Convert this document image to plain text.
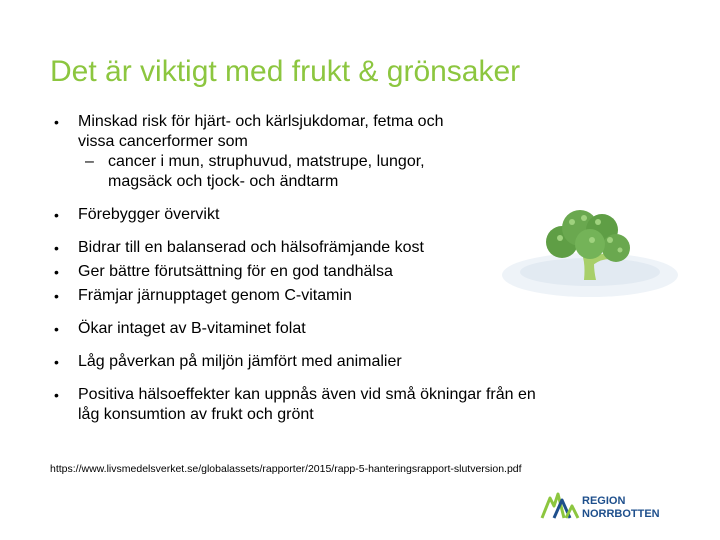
Det är viktigt med frukt & grönsaker
• Minskad risk för hjärt- och kärlsjukdomar, fetma och
vissa cancerformer som
– cancer i mun, struphuvud, matstrupe, lungor,
magsäck och tjock- och ändtarm
• Förebygger övervikt
• Bidrar till en balanserad och hälsofrämjande kost
• Ger bättre förutsättning för en god tandhälsa
• Främjar järnupptaget genom C-vitamin
• Ökar intaget av B-vitaminet folat
• Låg påverkan på miljön jämfört med animalier
• Positiva hälsoeffekter kan uppnås även vid små ökningar från en
låg konsumtion av frukt och grönt
https://www.livsmedelsverket.se/globalassets/rapporter/2015/rapp-5-hanteringsrapport-slutversion.pdf
REGION
NORRBOTTEN
